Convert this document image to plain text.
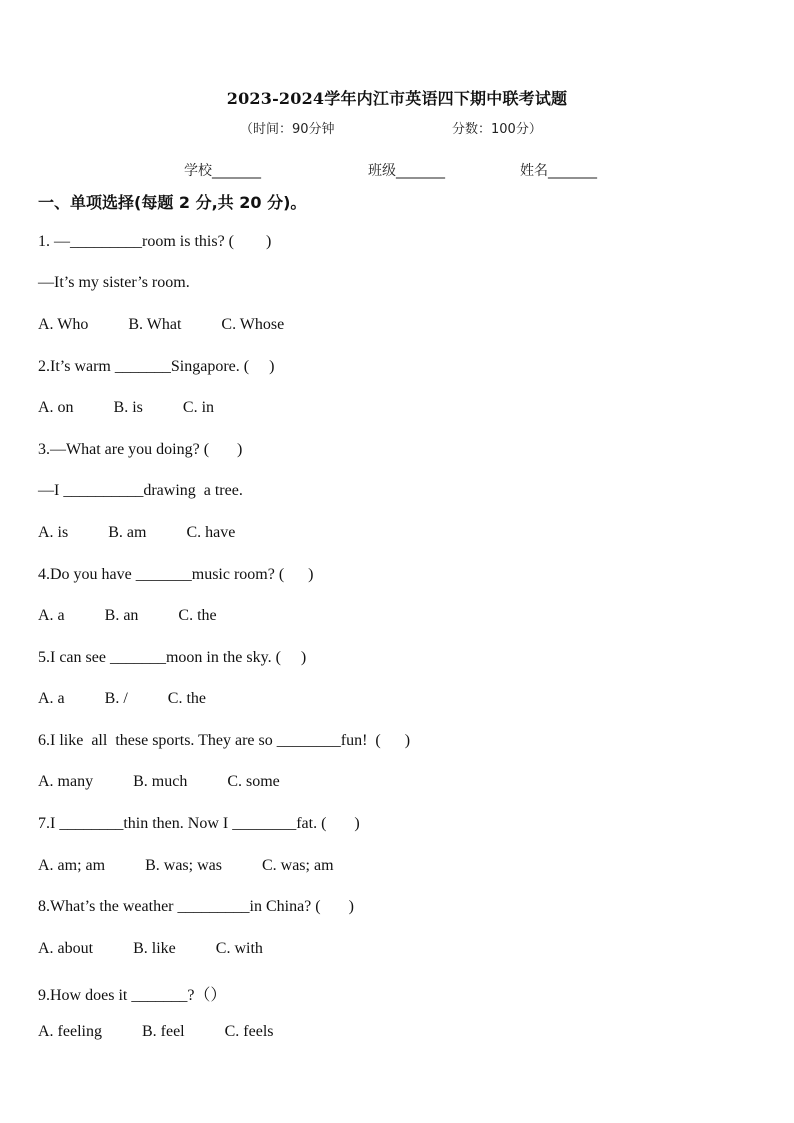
2023-2024学年内江市英语四下期中联考试题
（时间：90分钟	分数：100分）
学校_______	班级_______	姓名_______
一、单项选择(每题 2 分,共 20 分)。
1. —_________room is this? (        )
—It’s my sister’s room.
A. Who          B. What          C. Whose
2.It’s warm _______Singapore. (     )
A. on          B. is          C. in
3.—What are you doing? (       )
—I __________drawing  a tree.
A. is          B. am          C. have
4.Do you have _______music room? (      )
A. a          B. an          C. the
5.I can see _______moon in the sky. (     )
A. a          B. /          C. the
6.I like  all  these sports. They are so ________fun!  (      )
A. many          B. much          C. some
7.I ________thin then. Now I ________fat. (       )
A. am; am          B. was; was          C. was; am
8.What’s the weather _________in China? (       )
A. about          B. like          C. with
9.How does it _______?（）
A. feeling          B. feel          C. feels
